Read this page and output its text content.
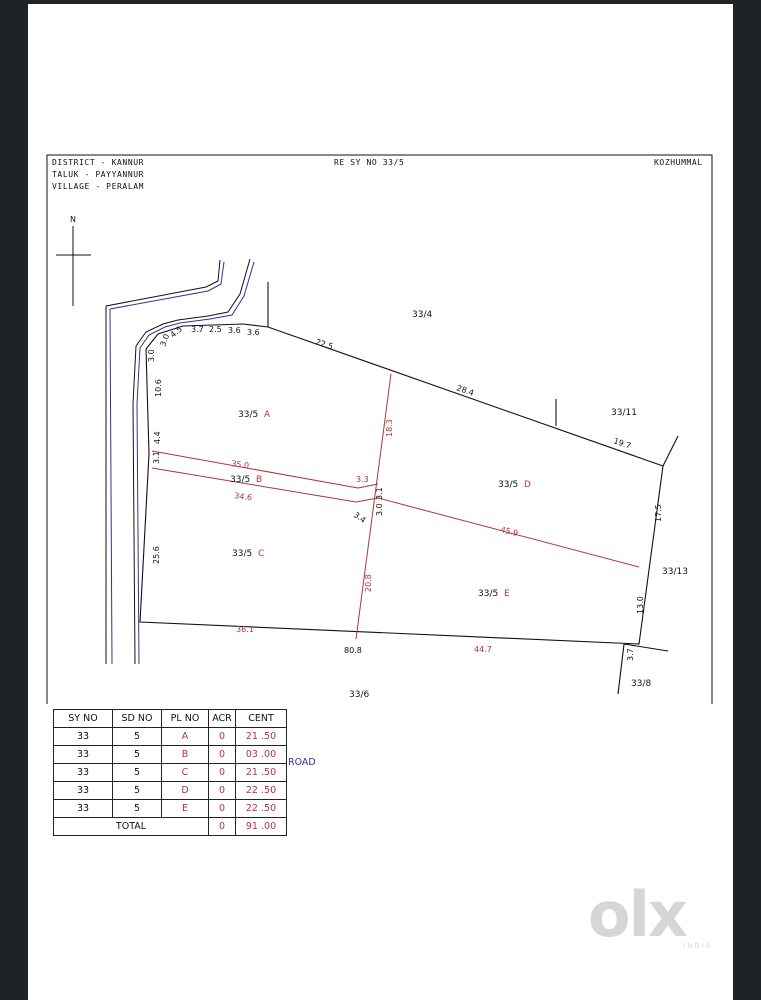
DISTRICT - KANNUR
TALUK - PAYYANNUR
VILLAGE - PERALAM
RE SY NO 33/5	KOZHUMMAL
N
3.0
3.0
4.5 3.7 2.5 3.6 3.6
22.5
28.4
19.7
10.6
4.4
3.1
25.6
17.5
13.0
3.7
80.8
36.1
44.7
18.3
35.0
3.3
34.6
45.9
20.8
3.1
3.0
3.4
33/5 A
33/5 B
33/5 C
33/5 D
33/5 E
33/4
33/11
33/13
33/8
33/6
SY NO	SD NO	PL NO	ACR	CENT
33	5	A	0	21 .50
33	5	B	0	03 .00
33	5	C	0	21 .50
33	5	D	0	22 .50
33	5	E	0	22 .50
TOTAL			0	91 .00
ROAD
olx
INDIA
